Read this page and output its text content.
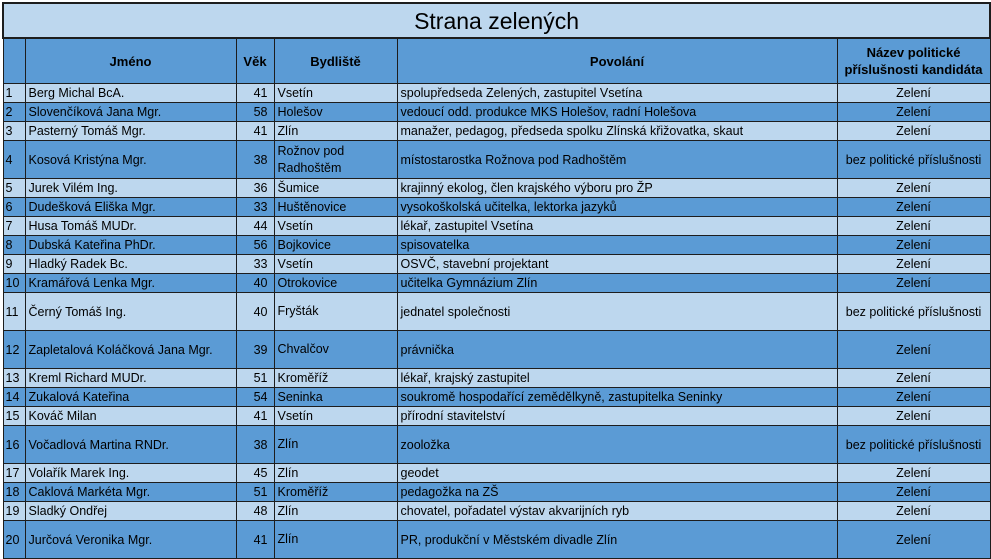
Strana zelených					
	Jméno	Věk	Bydliště	Povolání	Název politické příslušnosti kandidáta
1	Berg Michal BcA.	41	Vsetín	spolupředseda Zelených, zastupitel Vsetína	Zelení
2	Slovenčíková Jana Mgr.	58	Holešov	vedoucí odd. produkce MKS Holešov, radní Holešova	Zelení
3	Pasterný Tomáš Mgr.	41	Zlín	manažer, pedagog, předseda spolku Zlínská křižovatka, skaut	Zelení
4	Kosová Kristýna Mgr.	38	Rožnov pod Radhoštěm	místostarostka Rožnova pod Radhoštěm	bez politické příslušnosti
5	Jurek Vilém Ing.	36	Šumice	krajinný ekolog, člen krajského výboru pro ŽP	Zelení
6	Dudešková Eliška Mgr.	33	Huštěnovice	vysokoškolská učitelka, lektorka jazyků	Zelení
7	Husa Tomáš MUDr.	44	Vsetín	lékař, zastupitel Vsetína	Zelení
8	Dubská Kateřina PhDr.	56	Bojkovice	spisovatelka	Zelení
9	Hladký Radek Bc.	33	Vsetín	OSVČ, stavební projektant	Zelení
10	Kramářová Lenka Mgr.	40	Otrokovice	učitelka Gymnázium Zlín	Zelení
11	Černý Tomáš Ing.	40	Fryšták	jednatel společnosti	bez politické příslušnosti
12	Zapletalová Koláčková Jana Mgr.	39	Chvalčov	právnička	Zelení
13	Kreml Richard MUDr.	51	Kroměříž	lékař, krajský zastupitel	Zelení
14	Zukalová Kateřina	54	Seninka	soukromě hospodařící zemědělkyně, zastupitelka Seninky	Zelení
15	Kováč Milan	41	Vsetín	přírodní stavitelství	Zelení
16	Vočadlová Martina RNDr.	38	Zlín	zooložka	bez politické příslušnosti
17	Volařík Marek Ing.	45	Zlín	geodet	Zelení
18	Caklová Markéta Mgr.	51	Kroměříž	pedagožka na ZŠ	Zelení
19	Sladký Ondřej	48	Zlín	chovatel, pořadatel výstav akvarijních ryb	Zelení
20	Jurčová Veronika Mgr.	41	Zlín	PR, produkční v Městském divadle Zlín	Zelení
